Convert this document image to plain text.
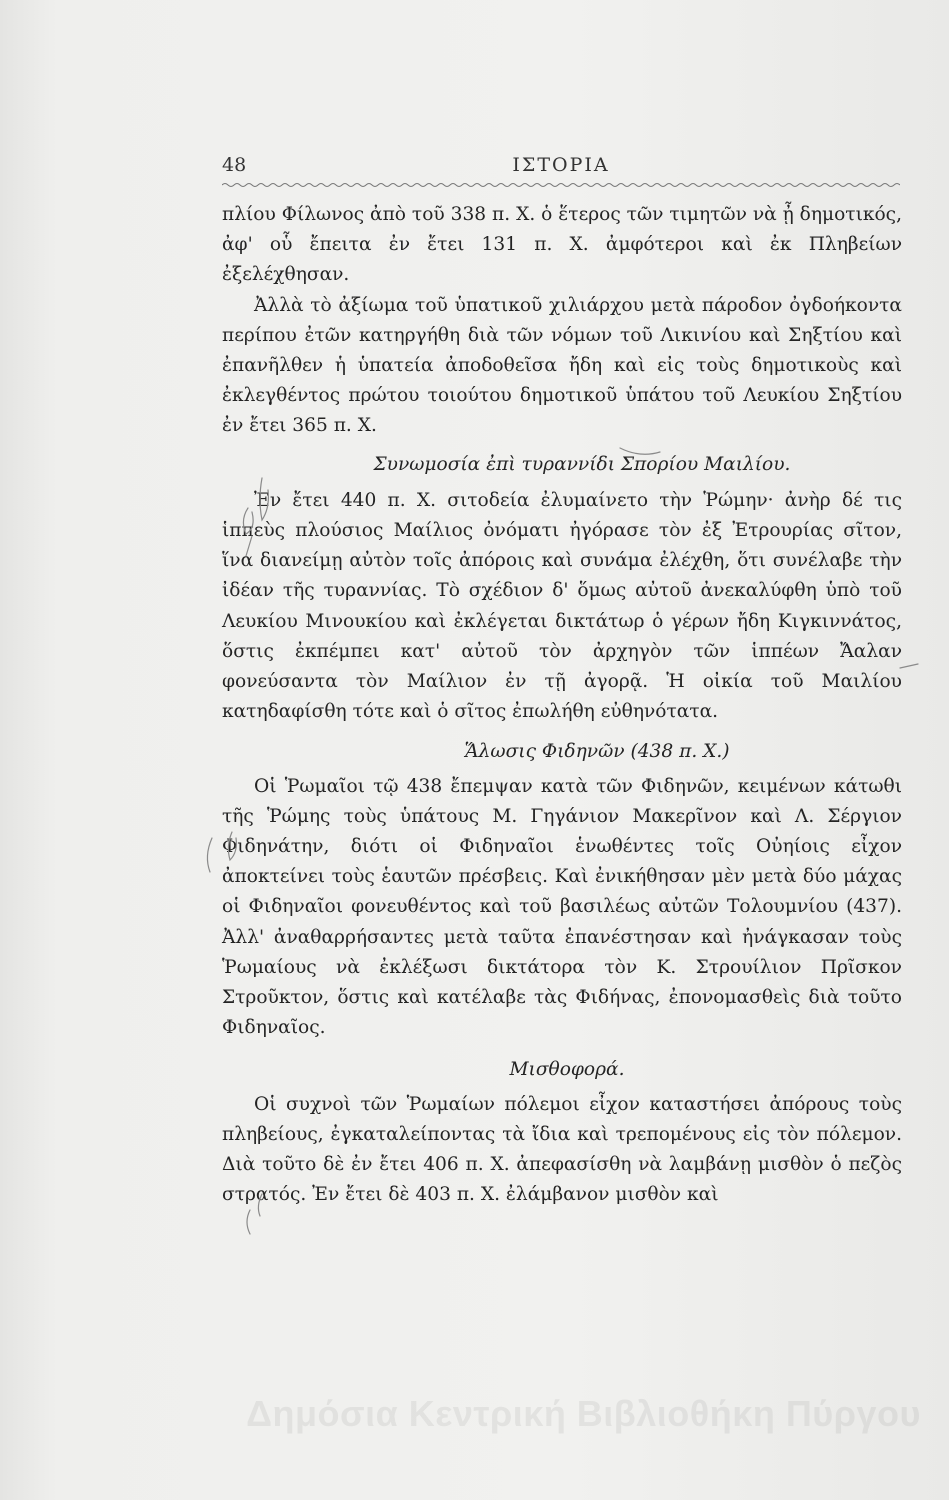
48	ΙΣΤΟΡΙΑ

πλίου Φίλωνος ἀπὸ τοῦ 338 π. Χ. ὁ ἕτερος τῶν τιμητῶν νὰ ᾖ δημοτικός, ἀφ' οὗ ἔπειτα ἐν ἔτει 131 π. Χ. ἀμφότεροι καὶ ἐκ Πληβείων ἐξελέχθησαν.

Ἀλλὰ τὸ ἀξίωμα τοῦ ὑπατικοῦ χιλιάρχου μετὰ πάροδον ὀγδοήκοντα περίπου ἐτῶν κατηργήθη διὰ τῶν νόμων τοῦ Λικινίου καὶ Σηξτίου καὶ ἐπανῆλθεν ἡ ὑπατεία ἀποδοθεῖσα ἤδη καὶ εἰς τοὺς δημοτικοὺς καὶ ἐκλεγθέντος πρώτου τοιούτου δημοτικοῦ ὑπάτου τοῦ Λευκίου Σηξτίου ἐν ἔτει 365 π. Χ.

Συνωμοσία ἐπὶ τυραννίδι Σπορίου Μαιλίου.

Ἐν ἔτει 440 π. Χ. σιτοδεία ἐλυμαίνετο τὴν Ῥώμην· ἀνὴρ δέ τις ἱππεὺς πλούσιος Μαίλιος ὀνόματι ἠγόρασε τὸν ἐξ Ἐτρουρίας σῖτον, ἵνα διανείμῃ αὐτὸν τοῖς ἀπόροις καὶ συνάμα ἐλέχθη, ὅτι συνέλαβε τὴν ἰδέαν τῆς τυραννίας. Τὸ σχέδιον δ' ὅμως αὐτοῦ ἀνεκαλύφθη ὑπὸ τοῦ Λευκίου Μινουκίου καὶ ἐκλέγεται δικτάτωρ ὁ γέρων ἤδη Κιγκιννάτος, ὅστις ἐκπέμπει κατ' αὐτοῦ τὸν ἀρχηγὸν τῶν ἱππέων Ἄαλαν φονεύσαντα τὸν Μαίλιον ἐν τῇ ἀγορᾷ. Ἡ οἰκία τοῦ Μαιλίου κατηδαφίσθη τότε καὶ ὁ σῖτος ἐπωλήθη εὐθηνότατα.

Ἅλωσις Φιδηνῶν (438 π. Χ.)

Οἱ Ῥωμαῖοι τῷ 438 ἔπεμψαν κατὰ τῶν Φιδηνῶν, κειμένων κάτωθι τῆς Ῥώμης τοὺς ὑπάτους Μ. Γηγάνιον Μακερῖνον καὶ Λ. Σέργιον Φιδηνάτην, διότι οἱ Φιδηναῖοι ἑνωθέντες τοῖς Οὐηίοις εἶχον ἀποκτείνει τοὺς ἑαυτῶν πρέσβεις. Καὶ ἐνικήθησαν μὲν μετὰ δύο μάχας οἱ Φιδηναῖοι φονευθέντος καὶ τοῦ βασιλέως αὐτῶν Τολουμνίου (437). Ἀλλ' ἀναθαρρήσαντες μετὰ ταῦτα ἐπανέστησαν καὶ ἠνάγκασαν τοὺς Ῥωμαίους νὰ ἐκλέξωσι δικτάτορα τὸν Κ. Στρουίλιον Πρῖσκον Στροῦκτον, ὅστις καὶ κατέλαβε τὰς Φιδήνας, ἐπονομασθεὶς διὰ τοῦτο Φιδηναῖος.

Μισθοφορά.

Οἱ συχνοὶ τῶν Ῥωμαίων πόλεμοι εἶχον καταστήσει ἀπόρους τοὺς πληβείους, ἐγκαταλείποντας τὰ ἴδια καὶ τρεπομένους εἰς τὸν πόλεμον. Διὰ τοῦτο δὲ ἐν ἔτει 406 π. Χ. ἀπεφασίσθη νὰ λαμβάνῃ μισθὸν ὁ πεζὸς στρατός. Ἐν ἔτει δὲ 403 π. Χ. ἐλάμβανον μισθὸν καὶ

Δημόσια Κεντρική Βιβλιοθήκη Πύργου
